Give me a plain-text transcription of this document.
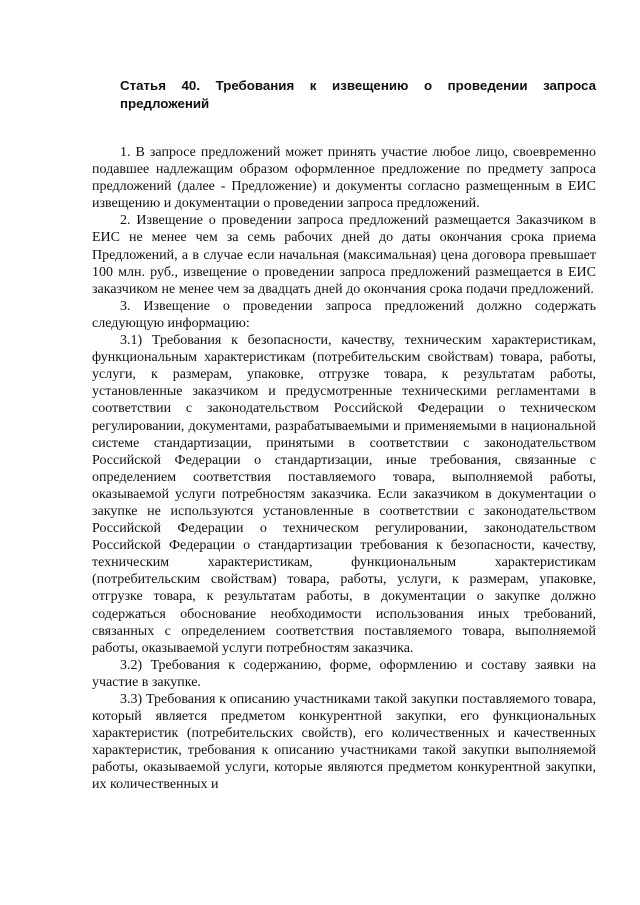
Статья 40. Требования к извещению о проведении запроса предложений

1. В запросе предложений может принять участие любое лицо, своевременно подавшее надлежащим образом оформленное предложение по предмету запроса предложений (далее - Предложение) и документы согласно размещенным в ЕИС извещению и документации о проведении запроса предложений.

2. Извещение о проведении запроса предложений размещается Заказчиком в ЕИС не менее чем за семь рабочих дней до даты окончания срока приема Предложений, а в случае если начальная (максимальная) цена договора превышает 100 млн. руб., извещение о проведении запроса предложений размещается в ЕИС заказчиком не менее чем за двадцать дней до окончания срока подачи предложений.

3. Извещение о проведении запроса предложений должно содержать следующую информацию:

3.1) Требования к безопасности, качеству, техническим характеристикам, функциональным характеристикам (потребительским свойствам) товара, работы, услуги, к размерам, упаковке, отгрузке товара, к результатам работы, установленные заказчиком и предусмотренные техническими регламентами в соответствии с законодательством Российской Федерации о техническом регулировании, документами, разрабатываемыми и применяемыми в национальной системе стандартизации, принятыми в соответствии с законодательством Российской Федерации о стандартизации, иные требования, связанные с определением соответствия поставляемого товара, выполняемой работы, оказываемой услуги потребностям заказчика. Если заказчиком в документации о закупке не используются установленные в соответствии с законодательством Российской Федерации о техническом регулировании, законодательством Российской Федерации о стандартизации требования к безопасности, качеству, техническим характеристикам, функциональным характеристикам (потребительским свойствам) товара, работы, услуги, к размерам, упаковке, отгрузке товара, к результатам работы, в документации о закупке должно содержаться обоснование необходимости использования иных требований, связанных с определением соответствия поставляемого товара, выполняемой работы, оказываемой услуги потребностям заказчика.

3.2) Требования к содержанию, форме, оформлению и составу заявки на участие в закупке.

3.3) Требования к описанию участниками такой закупки поставляемого товара, который является предметом конкурентной закупки, его функциональных характеристик (потребительских свойств), его количественных и качественных характеристик, требования к описанию участниками такой закупки выполняемой работы, оказываемой услуги, которые являются предметом конкурентной закупки, их количественных и
